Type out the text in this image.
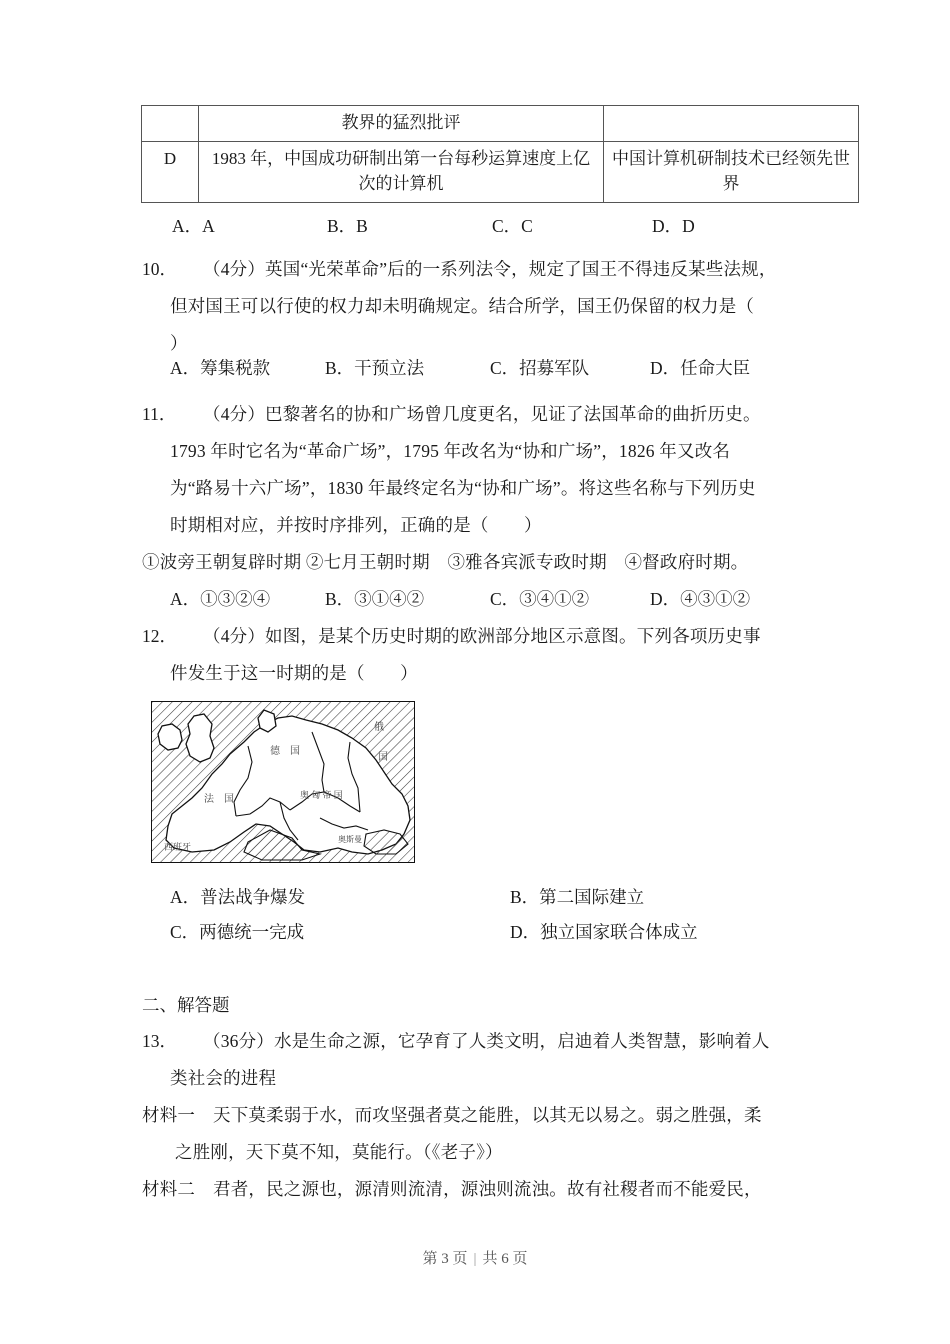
	教界的猛烈批评	
D	1983 年，中国成功研制出第一台每秒运算速度上亿次的计算机	中国计算机研制技术已经领先世界
A．A	B．B	C．C	D．D
10． （4分）英国“光荣革命”后的一系列法令，规定了国王不得违反某些法规，
但对国王可以行使的权力却未明确规定。结合所学，国王仍保留的权力是（
）
A．筹集税款	B．干预立法	C．招募军队	D．任命大臣
11． （4分）巴黎著名的协和广场曾几度更名，见证了法国革命的曲折历史。
1793 年时它名为“革命广场”，1795 年改名为“协和广场”，1826 年又改名
为“路易十六广场”，1830 年最终定名为“协和广场”。将这些名称与下列历史
时期相对应，并按时序排列，正确的是（　　）
①波旁王朝复辟时期 ②七月王朝时期　③雅各宾派专政时期　④督政府时期。
A．①③②④	B．③①④②	C．③④①②	D．④③①②
12． （4分）如图，是某个历史时期的欧洲部分地区示意图。下列各项历史事
件发生于这一时期的是（　　）
德　国
法　国
俄
国
奥 匈 帝 国
西班牙
奥斯曼
A．普法战争爆发	B．第二国际建立
C．两德统一完成	D．独立国家联合体成立
二、解答题
13． （36分）水是生命之源，它孕育了人类文明，启迪着人类智慧，影响着人
类社会的进程
材料一 天下莫柔弱于水，而攻坚强者莫之能胜，以其无以易之。弱之胜强，柔
之胜刚，天下莫不知，莫能行。（《老子》）
材料二 君者，民之源也，源清则流清，源浊则流浊。故有社稷者而不能爱民，
第 3 页 | 共 6 页
